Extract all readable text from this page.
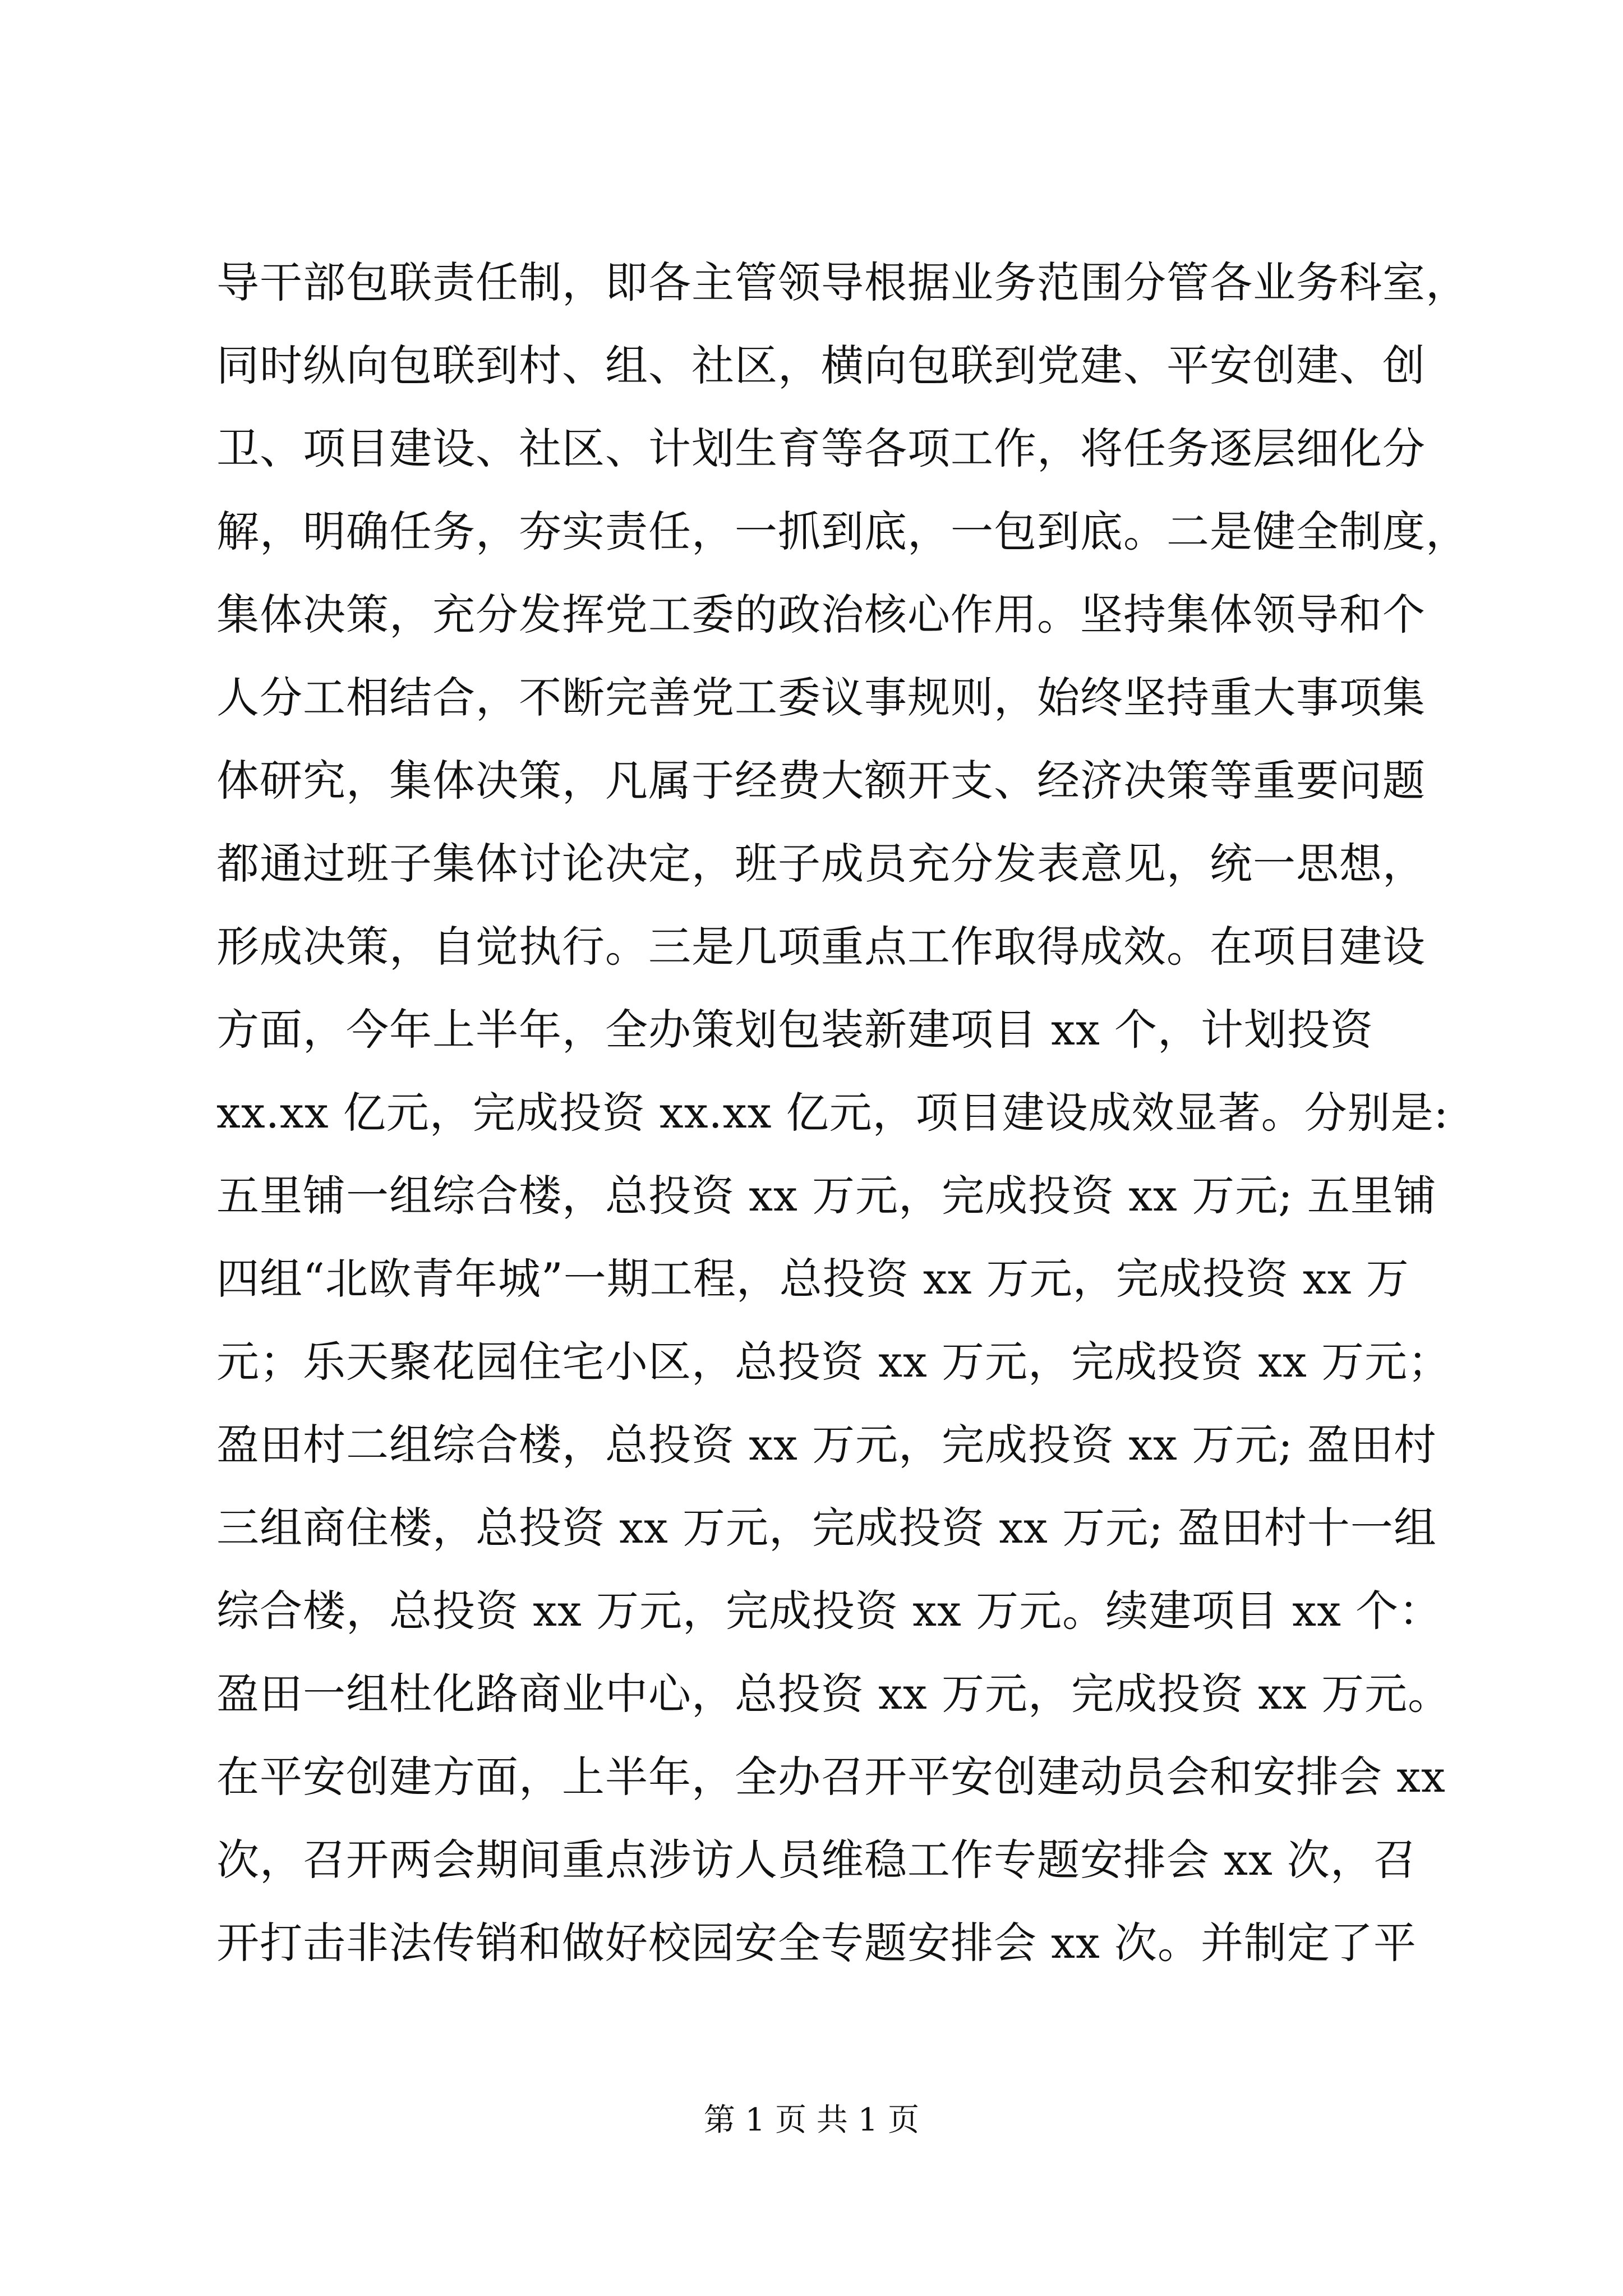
导干部包联责任制，即各主管领导根据业务范围分管各业务科室，
同时纵向包联到村、组、社区，横向包联到党建、平安创建、创
卫、项目建设、社区、计划生育等各项工作，将任务逐层细化分
解，明确任务，夯实责任，一抓到底，一包到底。二是健全制度，
集体决策，充分发挥党工委的政治核心作用。坚持集体领导和个
人分工相结合，不断完善党工委议事规则，始终坚持重大事项集
体研究，集体决策，凡属于经费大额开支、经济决策等重要问题
都通过班子集体讨论决定，班子成员充分发表意见，统一思想，
形成决策，自觉执行。三是几项重点工作取得成效。在项目建设
方面，今年上半年，全办策划包装新建项目 xx 个，计划投资
xx.xx 亿元，完成投资 xx.xx 亿元，项目建设成效显著。分别是:
五里铺一组综合楼，总投资 xx 万元，完成投资 xx 万元; 五里铺
四组“北欧青年城”一期工程，总投资 xx 万元，完成投资 xx 万
元；乐天聚花园住宅小区，总投资 xx 万元，完成投资 xx 万元；
盈田村二组综合楼，总投资 xx 万元，完成投资 xx 万元; 盈田村
三组商住楼，总投资 xx 万元，完成投资 xx 万元; 盈田村十一组
综合楼，总投资 xx 万元，完成投资 xx 万元。续建项目 xx 个：
盈田一组杜化路商业中心，总投资 xx 万元，完成投资 xx 万元。
在平安创建方面，上半年，全办召开平安创建动员会和安排会 xx
次，召开两会期间重点涉访人员维稳工作专题安排会 xx 次，召
开打击非法传销和做好校园安全专题安排会 xx 次。并制定了平
第 1 页 共 1 页
